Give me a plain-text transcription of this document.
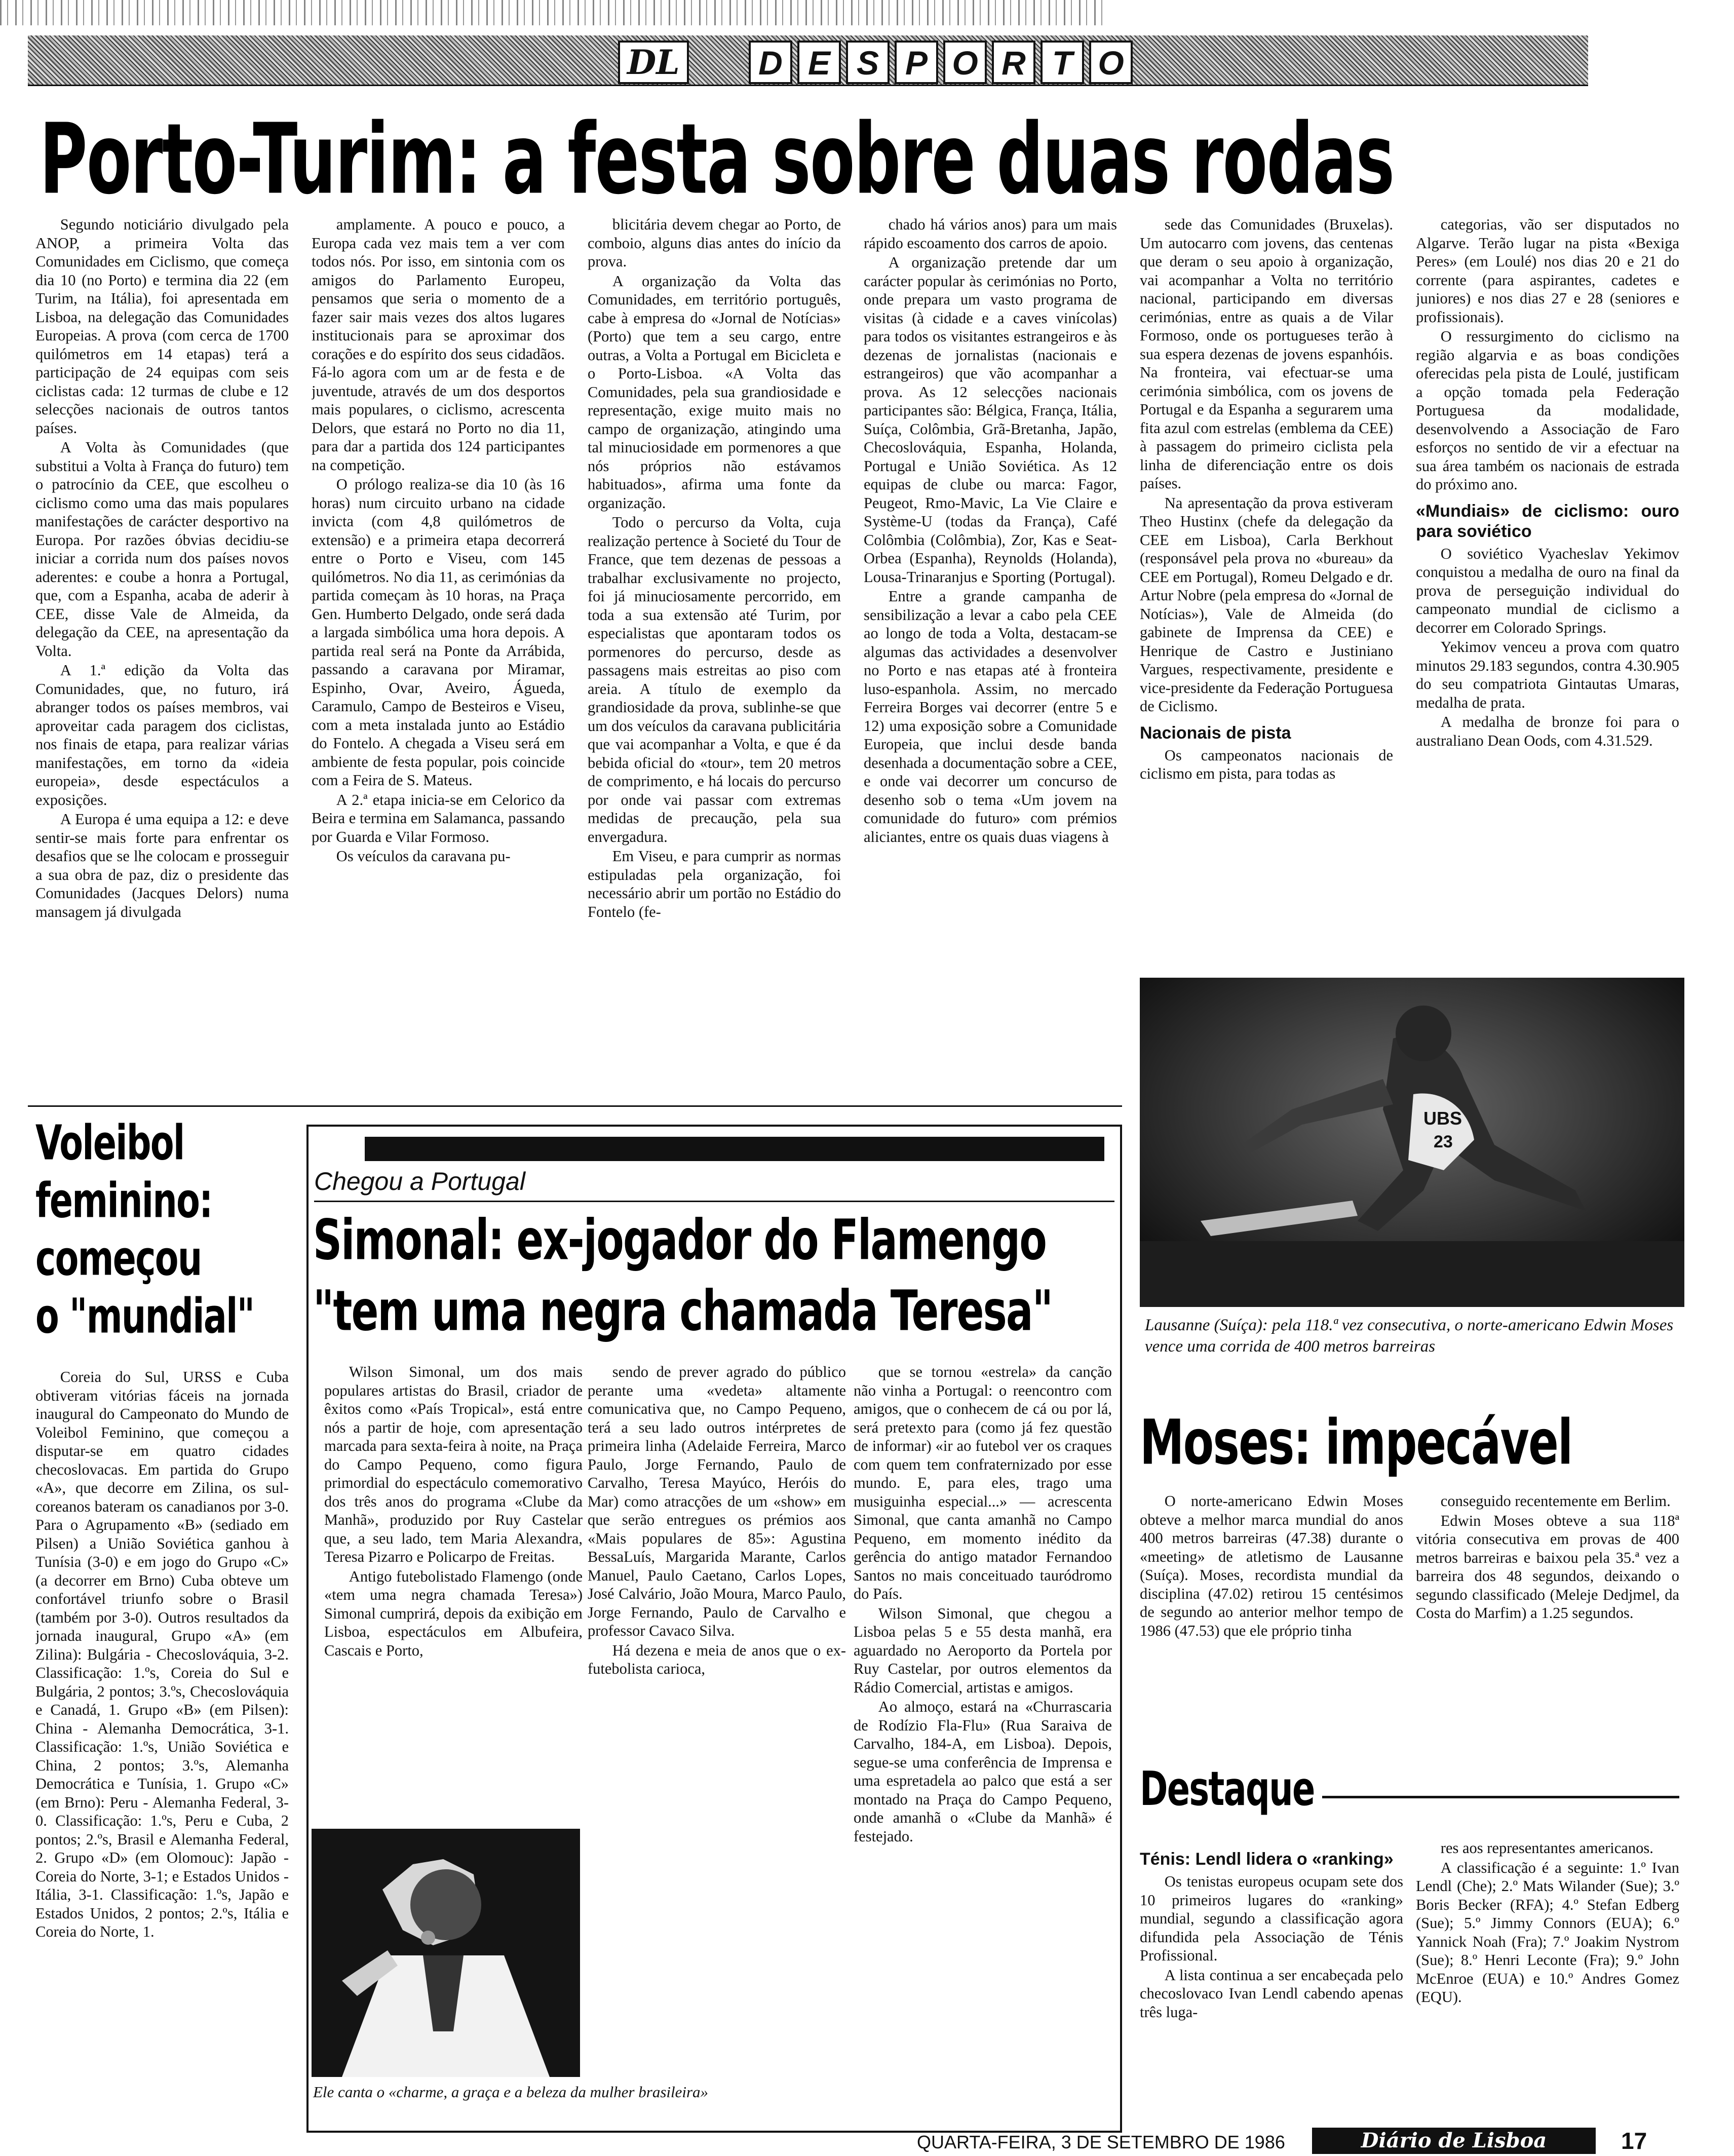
DL D E S P O R T O
Porto-Turim: a festa sobre duas rodas

Segundo noticiário divulgado pela ANOP, a primeira Volta das Comunidades em Ciclismo, que começa dia 10 (no Porto) e termina dia 22 (em Turim, na Itália), foi apresentada em Lisboa, na delegação das Comunidades Europeias. A prova (com cerca de 1700 quilómetros em 14 etapas) terá a participação de 24 equipas com seis ciclistas cada: 12 turmas de clube e 12 selecções nacionais de outros tantos países.

A Volta às Comunidades (que substitui a Volta à França do futuro) tem o patrocínio da CEE, que escolheu o ciclismo como uma das mais populares manifestações de carácter desportivo na Europa. Por razões óbvias decidiu-se iniciar a corrida num dos países novos aderentes: e coube a honra a Portugal, que, com a Espanha, acaba de aderir à CEE, disse Vale de Almeida, da delegação da CEE, na apresentação da Volta.

A 1.ª edição da Volta das Comunidades, que, no futuro, irá abranger todos os países membros, vai aproveitar cada paragem dos ciclistas, nos finais de etapa, para realizar várias manifestações, em torno da «ideia europeia», desde espectáculos a exposições.

A Europa é uma equipa a 12: e deve sentir-se mais forte para enfrentar os desafios que se lhe colocam e prosseguir a sua obra de paz, diz o presidente das Comunidades (Jacques Delors) numa mansagem já divulgada

amplamente. A pouco e pouco, a Europa cada vez mais tem a ver com todos nós. Por isso, em sintonia com os amigos do Parlamento Europeu, pensamos que seria o momento de a fazer sair mais vezes dos altos lugares institucionais para se aproximar dos corações e do espírito dos seus cidadãos. Fá-lo agora com um ar de festa e de juventude, através de um dos desportos mais populares, o ciclismo, acrescenta Delors, que estará no Porto no dia 11, para dar a partida dos 124 participantes na competição.

O prólogo realiza-se dia 10 (às 16 horas) num circuito urbano na cidade invicta (com 4,8 quilómetros de extensão) e a primeira etapa decorrerá entre o Porto e Viseu, com 145 quilómetros. No dia 11, as cerimónias da partida começam às 10 horas, na Praça Gen. Humberto Delgado, onde será dada a largada simbólica uma hora depois. A partida real será na Ponte da Arrábida, passando a caravana por Miramar, Espinho, Ovar, Aveiro, Águeda, Caramulo, Campo de Besteiros e Viseu, com a meta instalada junto ao Estádio do Fontelo. A chegada a Viseu será em ambiente de festa popular, pois coincide com a Feira de S. Mateus.

A 2.ª etapa inicia-se em Celorico da Beira e termina em Salamanca, passando por Guarda e Vilar Formoso.

Os veículos da caravana pu-

blicitária devem chegar ao Porto, de comboio, alguns dias antes do início da prova.

A organização da Volta das Comunidades, em território português, cabe à empresa do «Jornal de Notícias» (Porto) que tem a seu cargo, entre outras, a Volta a Portugal em Bicicleta e o Porto-Lisboa. «A Volta das Comunidades, pela sua grandiosidade e representação, exige muito mais no campo de organização, atingindo uma tal minuciosidade em pormenores a que nós próprios não estávamos habituados», afirma uma fonte da organização.

Todo o percurso da Volta, cuja realização pertence à Societé du Tour de France, que tem dezenas de pessoas a trabalhar exclusivamente no projecto, foi já minuciosamente percorrido, em toda a sua extensão até Turim, por especialistas que apontaram todos os pormenores do percurso, desde as passagens mais estreitas ao piso com areia. A título de exemplo da grandiosidade da prova, sublinhe-se que um dos veículos da caravana publicitária que vai acompanhar a Volta, e que é da bebida oficial do «tour», tem 20 metros de comprimento, e há locais do percurso por onde vai passar com extremas medidas de precaução, pela sua envergadura.

Em Viseu, e para cumprir as normas estipuladas pela organização, foi necessário abrir um portão no Estádio do Fontelo (fe-

chado há vários anos) para um mais rápido escoamento dos carros de apoio.

A organização pretende dar um carácter popular às cerimónias no Porto, onde prepara um vasto programa de visitas (à cidade e a caves vinícolas) para todos os visitantes estrangeiros e às dezenas de jornalistas (nacionais e estrangeiros) que vão acompanhar a prova. As 12 selecções nacionais participantes são: Bélgica, França, Itália, Suíça, Colômbia, Grã-Bretanha, Japão, Checoslováquia, Espanha, Holanda, Portugal e União Soviética. As 12 equipas de clube ou marca: Fagor, Peugeot, Rmo-Mavic, La Vie Claire e Système-U (todas da França), Café Colômbia (Colômbia), Zor, Kas e Seat-Orbea (Espanha), Reynolds (Holanda), Lousa-Trinaranjus e Sporting (Portugal).

Entre a grande campanha de sensibilização a levar a cabo pela CEE ao longo de toda a Volta, destacam-se algumas das actividades a desenvolver no Porto e nas etapas até à fronteira luso-espanhola. Assim, no mercado Ferreira Borges vai decorrer (entre 5 e 12) uma exposição sobre a Comunidade Europeia, que inclui desde banda desenhada a documentação sobre a CEE, e onde vai decorrer um concurso de desenho sob o tema «Um jovem na comunidade do futuro» com prémios aliciantes, entre os quais duas viagens à

sede das Comunidades (Bruxelas). Um autocarro com jovens, das centenas que deram o seu apoio à organização, vai acompanhar a Volta no território nacional, participando em diversas cerimónias, entre as quais a de Vilar Formoso, onde os portugueses terão à sua espera dezenas de jovens espanhóis. Na fronteira, vai efectuar-se uma cerimónia simbólica, com os jovens de Portugal e da Espanha a segurarem uma fita azul com estrelas (emblema da CEE) à passagem do primeiro ciclista pela linha de diferenciação entre os dois países.

Na apresentação da prova estiveram Theo Hustinx (chefe da delegação da CEE em Lisboa), Carla Berkhout (responsável pela prova no «bureau» da CEE em Portugal), Romeu Delgado e dr. Artur Nobre (pela empresa do «Jornal de Notícias»), Vale de Almeida (do gabinete de Imprensa da CEE) e Henrique de Castro e Justiniano Vargues, respectivamente, presidente e vice-presidente da Federação Portuguesa de Ciclismo.

Nacionais de pista

Os campeonatos nacionais de ciclismo em pista, para todas as

categorias, vão ser disputados no Algarve. Terão lugar na pista «Bexiga Peres» (em Loulé) nos dias 20 e 21 do corrente (para aspirantes, cadetes e juniores) e nos dias 27 e 28 (seniores e profissionais).

O ressurgimento do ciclismo na região algarvia e as boas condições oferecidas pela pista de Loulé, justificam a opção tomada pela Federação Portuguesa da modalidade, desenvolvendo a Associação de Faro esforços no sentido de vir a efectuar na sua área também os nacionais de estrada do próximo ano.

«Mundiais» de ciclismo: ouro para soviético

O soviético Vyacheslav Yekimov conquistou a medalha de ouro na final da prova de perseguição individual do campeonato mundial de ciclismo a decorrer em Colorado Springs.

Yekimov venceu a prova com quatro minutos 29.183 segundos, contra 4.30.905 do seu compatriota Gintautas Umaras, medalha de prata.

A medalha de bronze foi para o australiano Dean Oods, com 4.31.529.

UBS
23
Lausanne (Suíça): pela 118.ª vez consecutiva, o norte-americano Edwin Moses vence uma corrida de 400 metros barreiras
Voleibol
feminino:
começou
o "mundial"

Coreia do Sul, URSS e Cuba obtiveram vitórias fáceis na jornada inaugural do Campeonato do Mundo de Voleibol Feminino, que começou a disputar-se em quatro cidades checoslovacas. Em partida do Grupo «A», que decorre em Zilina, os sul-coreanos bateram os canadianos por 3-0. Para o Agrupamento «B» (sediado em Pilsen) a União Soviética ganhou à Tunísia (3-0) e em jogo do Grupo «C» (a decorrer em Brno) Cuba obteve um confortável triunfo sobre o Brasil (também por 3-0). Outros resultados da jornada inaugural, Grupo «A» (em Zilina): Bulgária - Checoslováquia, 3-2. Classificação: 1.ºs, Coreia do Sul e Bulgária, 2 pontos; 3.ºs, Checoslováquia e Canadá, 1. Grupo «B» (em Pilsen): China - Alemanha Democrática, 3-1. Classificação: 1.ºs, União Soviética e China, 2 pontos; 3.ºs, Alemanha Democrática e Tunísia, 1. Grupo «C» (em Brno): Peru - Alemanha Federal, 3-0. Classificação: 1.ºs, Peru e Cuba, 2 pontos; 2.ºs, Brasil e Alemanha Federal, 2. Grupo «D» (em Olomouc): Japão - Coreia do Norte, 3-1; e Estados Unidos - Itália, 3-1. Classificação: 1.ºs, Japão e Estados Unidos, 2 pontos; 2.ºs, Itália e Coreia do Norte, 1.

Chegou a Portugal
Simonal: ex-jogador do Flamengo
"tem uma negra chamada Teresa"

Wilson Simonal, um dos mais populares artistas do Brasil, criador de êxitos como «País Tropical», está entre nós a partir de hoje, com apresentação marcada para sexta-feira à noite, na Praça do Campo Pequeno, como figura primordial do espectáculo comemorativo dos três anos do programa «Clube da Manhã», produzido por Ruy Castelar que, a seu lado, tem Maria Alexandra, Teresa Pizarro e Policarpo de Freitas.

Antigo futebolistado Flamengo (onde «tem uma negra chamada Teresa») Simonal cumprirá, depois da exibição em Lisboa, espectáculos em Albufeira, Cascais e Porto,

sendo de prever agrado do público perante uma «vedeta» altamente comunicativa que, no Campo Pequeno, terá a seu lado outros intérpretes de primeira linha (Adelaide Ferreira, Marco Paulo, Jorge Fernando, Paulo de Carvalho, Teresa Mayúco, Heróis do Mar) como atracções de um «show» em que serão entregues os prémios aos «Mais populares de 85»: Agustina BessaLuís, Margarida Marante, Carlos Manuel, Paulo Caetano, Carlos Lopes, José Calvário, João Moura, Marco Paulo, Jorge Fernando, Paulo de Carvalho e professor Cavaco Silva.

Há dezena e meia de anos que o ex-futebolista carioca,

que se tornou «estrela» da canção não vinha a Portugal: o reencontro com amigos, que o conhecem de cá ou por lá, será pretexto para (como já fez questão de informar) «ir ao futebol ver os craques com quem tem confraternizado por esse mundo. E, para eles, trago uma musiguinha especial...» — acrescenta Simonal, que canta amanhã no Campo Pequeno, em momento inédito da gerência do antigo matador Fernandoo Santos no mais conceituado tauródromo do País.

Wilson Simonal, que chegou a Lisboa pelas 5 e 55 desta manhã, era aguardado no Aeroporto da Portela por Ruy Castelar, por outros elementos da Rádio Comercial, artistas e amigos.

Ao almoço, estará na «Churrascaria de Rodízio Fla-Flu» (Rua Saraiva de Carvalho, 184-A, em Lisboa). Depois, segue-se uma conferência de Imprensa e uma espretadela ao palco que está a ser montado na Praça do Campo Pequeno, onde amanhã o «Clube da Manhã» é festejado.

Ele canta o «charme, a graça e a beleza da mulher brasileira»
Moses: impecável

O norte-americano Edwin Moses obteve a melhor marca mundial do anos 400 metros barreiras (47.38) durante o «meeting» de atletismo de Lausanne (Suíça). Moses, recordista mundial da disciplina (47.02) retirou 15 centésimos de segundo ao anterior melhor tempo de 1986 (47.53) que ele próprio tinha

conseguido recentemente em Berlim.

Edwin Moses obteve a sua 118ª vitória consecutiva em provas de 400 metros barreiras e baixou pela 35.ª vez a barreira dos 48 segundos, deixando o segundo classificado (Meleje Dedjmel, da Costa do Marfim) a 1.25 segundos.

Destaque
Ténis: Lendl lidera o «ranking»

Os tenistas europeus ocupam sete dos 10 primeiros lugares do «ranking» mundial, segundo a classificação agora difundida pela Associação de Ténis Profissional.

A lista continua a ser encabeçada pelo checoslovaco Ivan Lendl cabendo apenas três luga-

res aos representantes americanos.

A classificação é a seguinte: 1.º Ivan Lendl (Che); 2.º Mats Wilander (Sue); 3.º Boris Becker (RFA); 4.º Stefan Edberg (Sue); 5.º Jimmy Connors (EUA); 6.º Yannick Noah (Fra); 7.º Joakim Nystrom (Sue); 8.º Henri Leconte (Fra); 9.º John McEnroe (EUA) e 10.º Andres Gomez (EQU).

QUARTA-FEIRA, 3 DE SETEMBRO DE 1986	Diário de Lisboa	17
